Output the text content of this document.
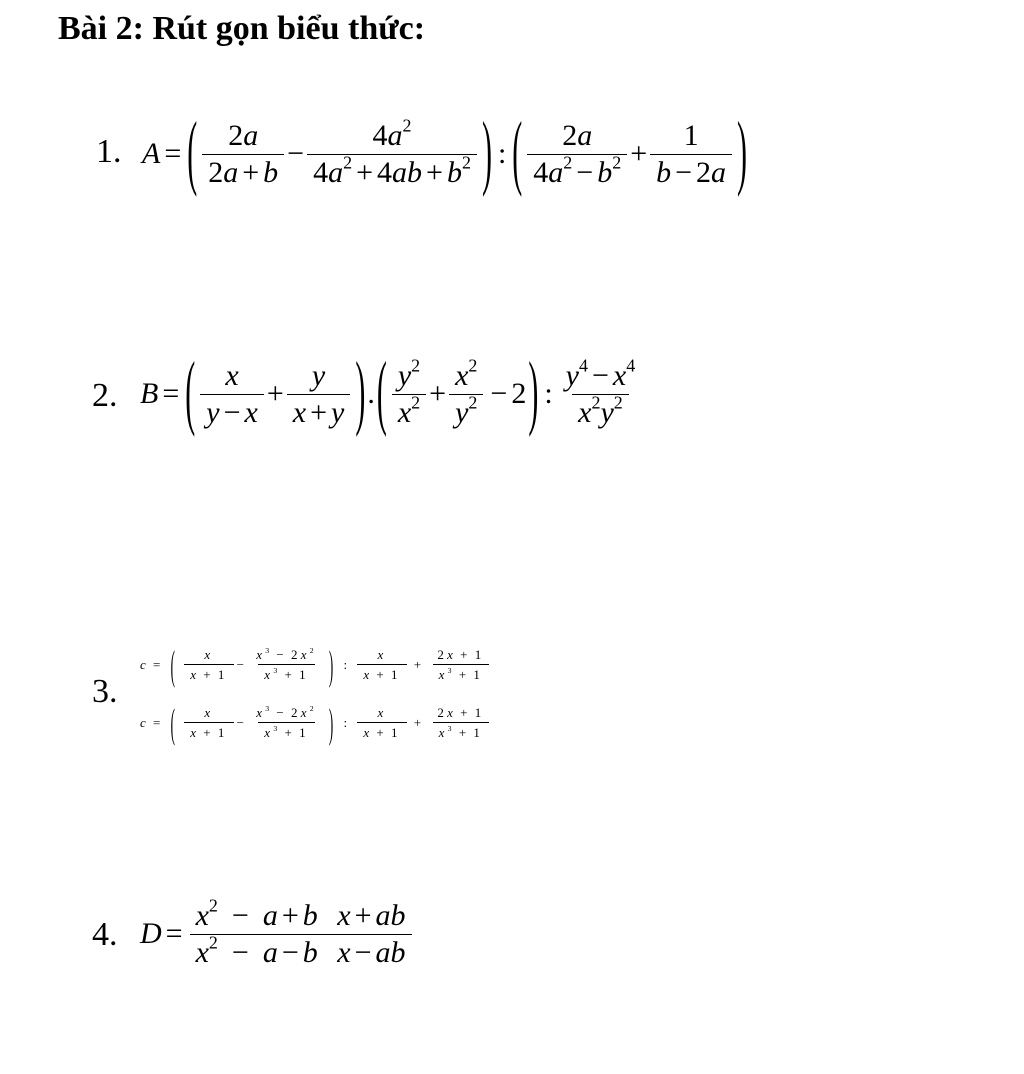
Bài 2: Rút gọn biểu thức:
1. A = ( $\frac{2a}{2a + b} - \frac{4a^2}{4a^2 + 4ab + b^2}$ ) : ( $\frac{2a}{4a^2 - b^2} + \frac{1}{b - 2a}$ )
2. B = ( $\frac{x}{y - x} + \frac{y}{x + y}$ ) . ( $\frac{y^2}{x^2} + \frac{x^2}{y^2} - 2$ ) : $\frac{y^4 - x^4}{x^2y^2}$
3.
c = ( $\frac{x}{x + 1} - \frac{x^3 - 2x^2}{x^3 + 1}$ ) : $\frac{x}{x + 1} + \frac{2x + 1}{x^3 + 1}$
c = ( $\frac{x}{x + 1} - \frac{x^3 - 2x^2}{x^3 + 1}$ ) : $\frac{x}{x + 1} + \frac{2x + 1}{x^3 + 1}$
4. $D = \frac{x^2 - a + b x + ab}{x^2 - a - b x - ab}$
